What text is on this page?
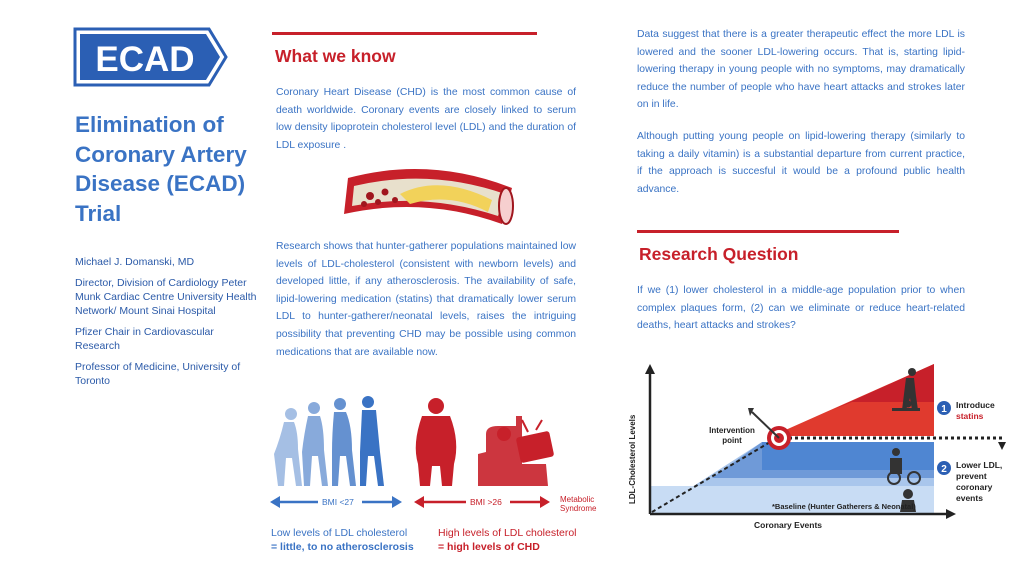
ECAD
Elimination of Coronary Artery Disease (ECAD) Trial

Michael J. Domanski, MD

Director, Division of Cardiology Peter Munk Cardiac Centre University Health Network/ Mount Sinai Hospital

Pfizer Chair in Cardiovascular Research

Professor of Medicine, University of Toronto

What we know

Coronary Heart Disease (CHD) is the most common cause of death worldwide. Coronary events are closely linked to serum low density lipoprotein cholesterol level (LDL) and the duration of LDL exposure .

Research shows that hunter-gatherer populations maintained low levels of LDL-cholesterol (consistent with newborn levels) and developed little, if any atherosclerosis. The availability of safe, lipid-lowering medication (statins) that dramatically lower serum LDL to hunter-gatherer/neonatal levels, raises the intriguing possibility that preventing CHD may be possible using common medications that are available now.

BMI <27	BMI >26	Metabolic Syndrome
Low levels of LDL cholesterol
= little, to no atherosclerosis
High levels of LDL cholesterol
= high levels of CHD

Data suggest that there is a greater therapeutic effect the more LDL is lowered and the sooner LDL-lowering occurs. That is, starting lipid-lowering therapy in young people with no symptoms, may dramatically reduce the number of people who have heart attacks and strokes later on in life.

Although putting young people on lipid-lowering therapy (similarly to taking a daily vitamin) is a substantial departure from current practice, if the approach is succesful it would be a profound public health advance.

Research Question

If we (1) lower cholesterol in a middle-age population prior to when complex plaques form, (2) can we eliminate or reduce heart-related deaths, heart attacks and strokes?

1
2
LDL-Cholesterol Levels
Coronary Events
Intervention point
Introduce
statins
Lower LDL, prevent coronary events
*Baseline (Hunter Gatherers & Neonatal)
